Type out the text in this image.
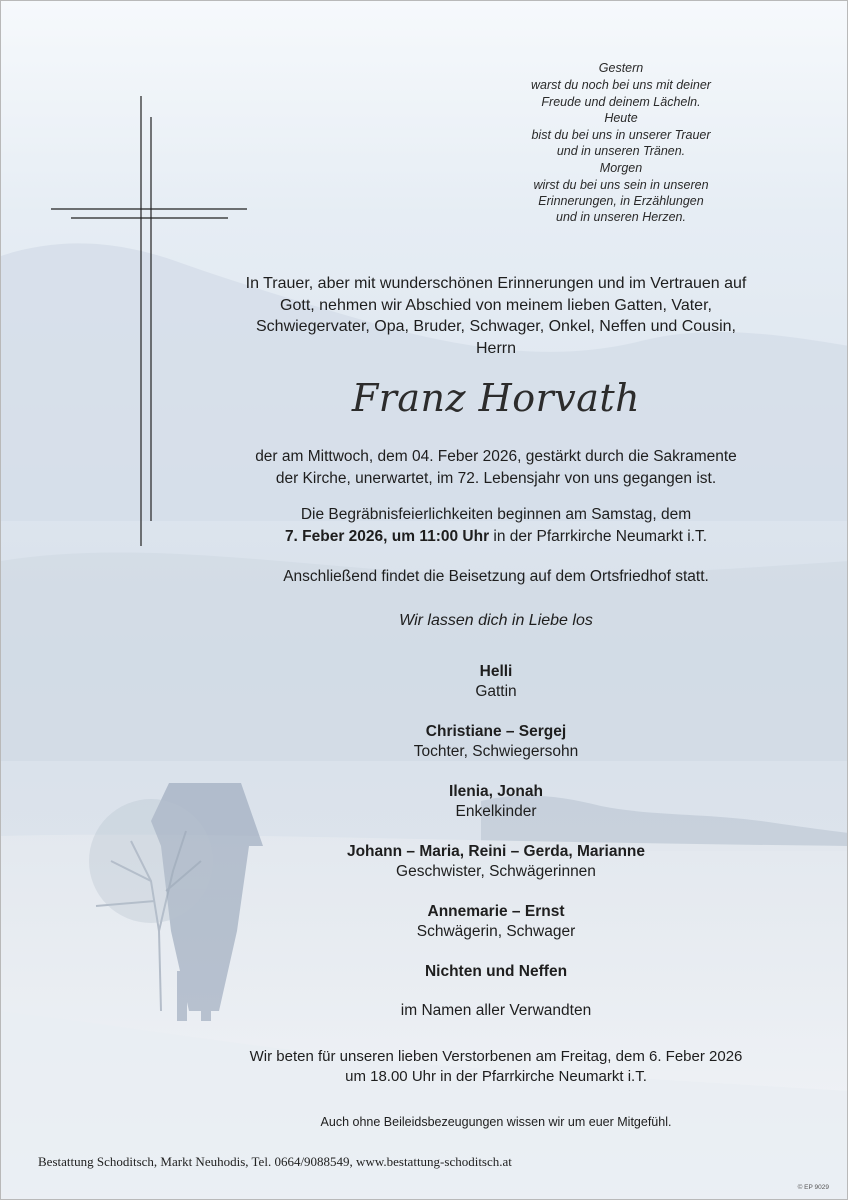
Gestern
warst du noch bei uns mit deiner
Freude und deinem Lächeln.
Heute
bist du bei uns in unserer Trauer
und in unseren Tränen.
Morgen
wirst du bei uns sein in unseren
Erinnerungen, in Erzählungen
und in unseren Herzen.
In Trauer, aber mit wunderschönen Erinnerungen und im Vertrauen auf
Gott, nehmen wir Abschied von meinem lieben Gatten, Vater,
Schwiegervater, Opa, Bruder, Schwager, Onkel, Neffen und Cousin,
Herrn
Franz Horvath
der am Mittwoch, dem 04. Feber 2026, gestärkt durch die Sakramente
der Kirche, unerwartet, im 72. Lebensjahr von uns gegangen ist.
Die Begräbnisfeierlichkeiten beginnen am Samstag, dem
7. Feber 2026, um 11:00 Uhr in der Pfarrkirche Neumarkt i.T.
Anschließend findet die Beisetzung auf dem Ortsfriedhof statt.
Wir lassen dich in Liebe los
Helli
Gattin
Christiane – Sergej
Tochter, Schwiegersohn
Ilenia, Jonah
Enkelkinder
Johann – Maria, Reini – Gerda, Marianne
Geschwister, Schwägerinnen
Annemarie – Ernst
Schwägerin, Schwager
Nichten und Neffen
im Namen aller Verwandten
Wir beten für unseren lieben Verstorbenen am Freitag, dem 6. Feber 2026
um 18.00 Uhr in der Pfarrkirche Neumarkt i.T.
Auch ohne Beileidsbezeugungen wissen wir um euer Mitgefühl.
Bestattung Schoditsch, Markt Neuhodis, Tel. 0664/9088549, www.bestattung-schoditsch.at
© EP 9029
